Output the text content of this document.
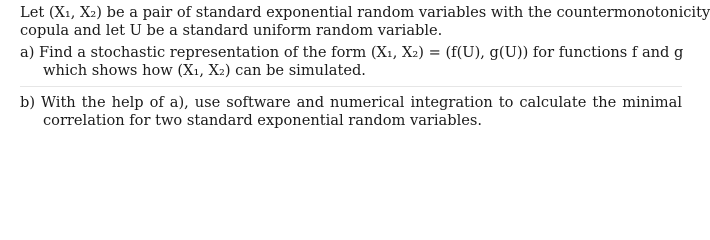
Let (X₁, X₂) be a pair of standard exponential random variables with the countermonotonicity
copula and let U be a standard uniform random variable.
a) Find a stochastic representation of the form (X₁, X₂) = (f(U), g(U)) for functions f and g
which shows how (X₁, X₂) can be simulated.
b) With the help of a), use software and numerical integration to calculate the minimal
correlation for two standard exponential random variables.
